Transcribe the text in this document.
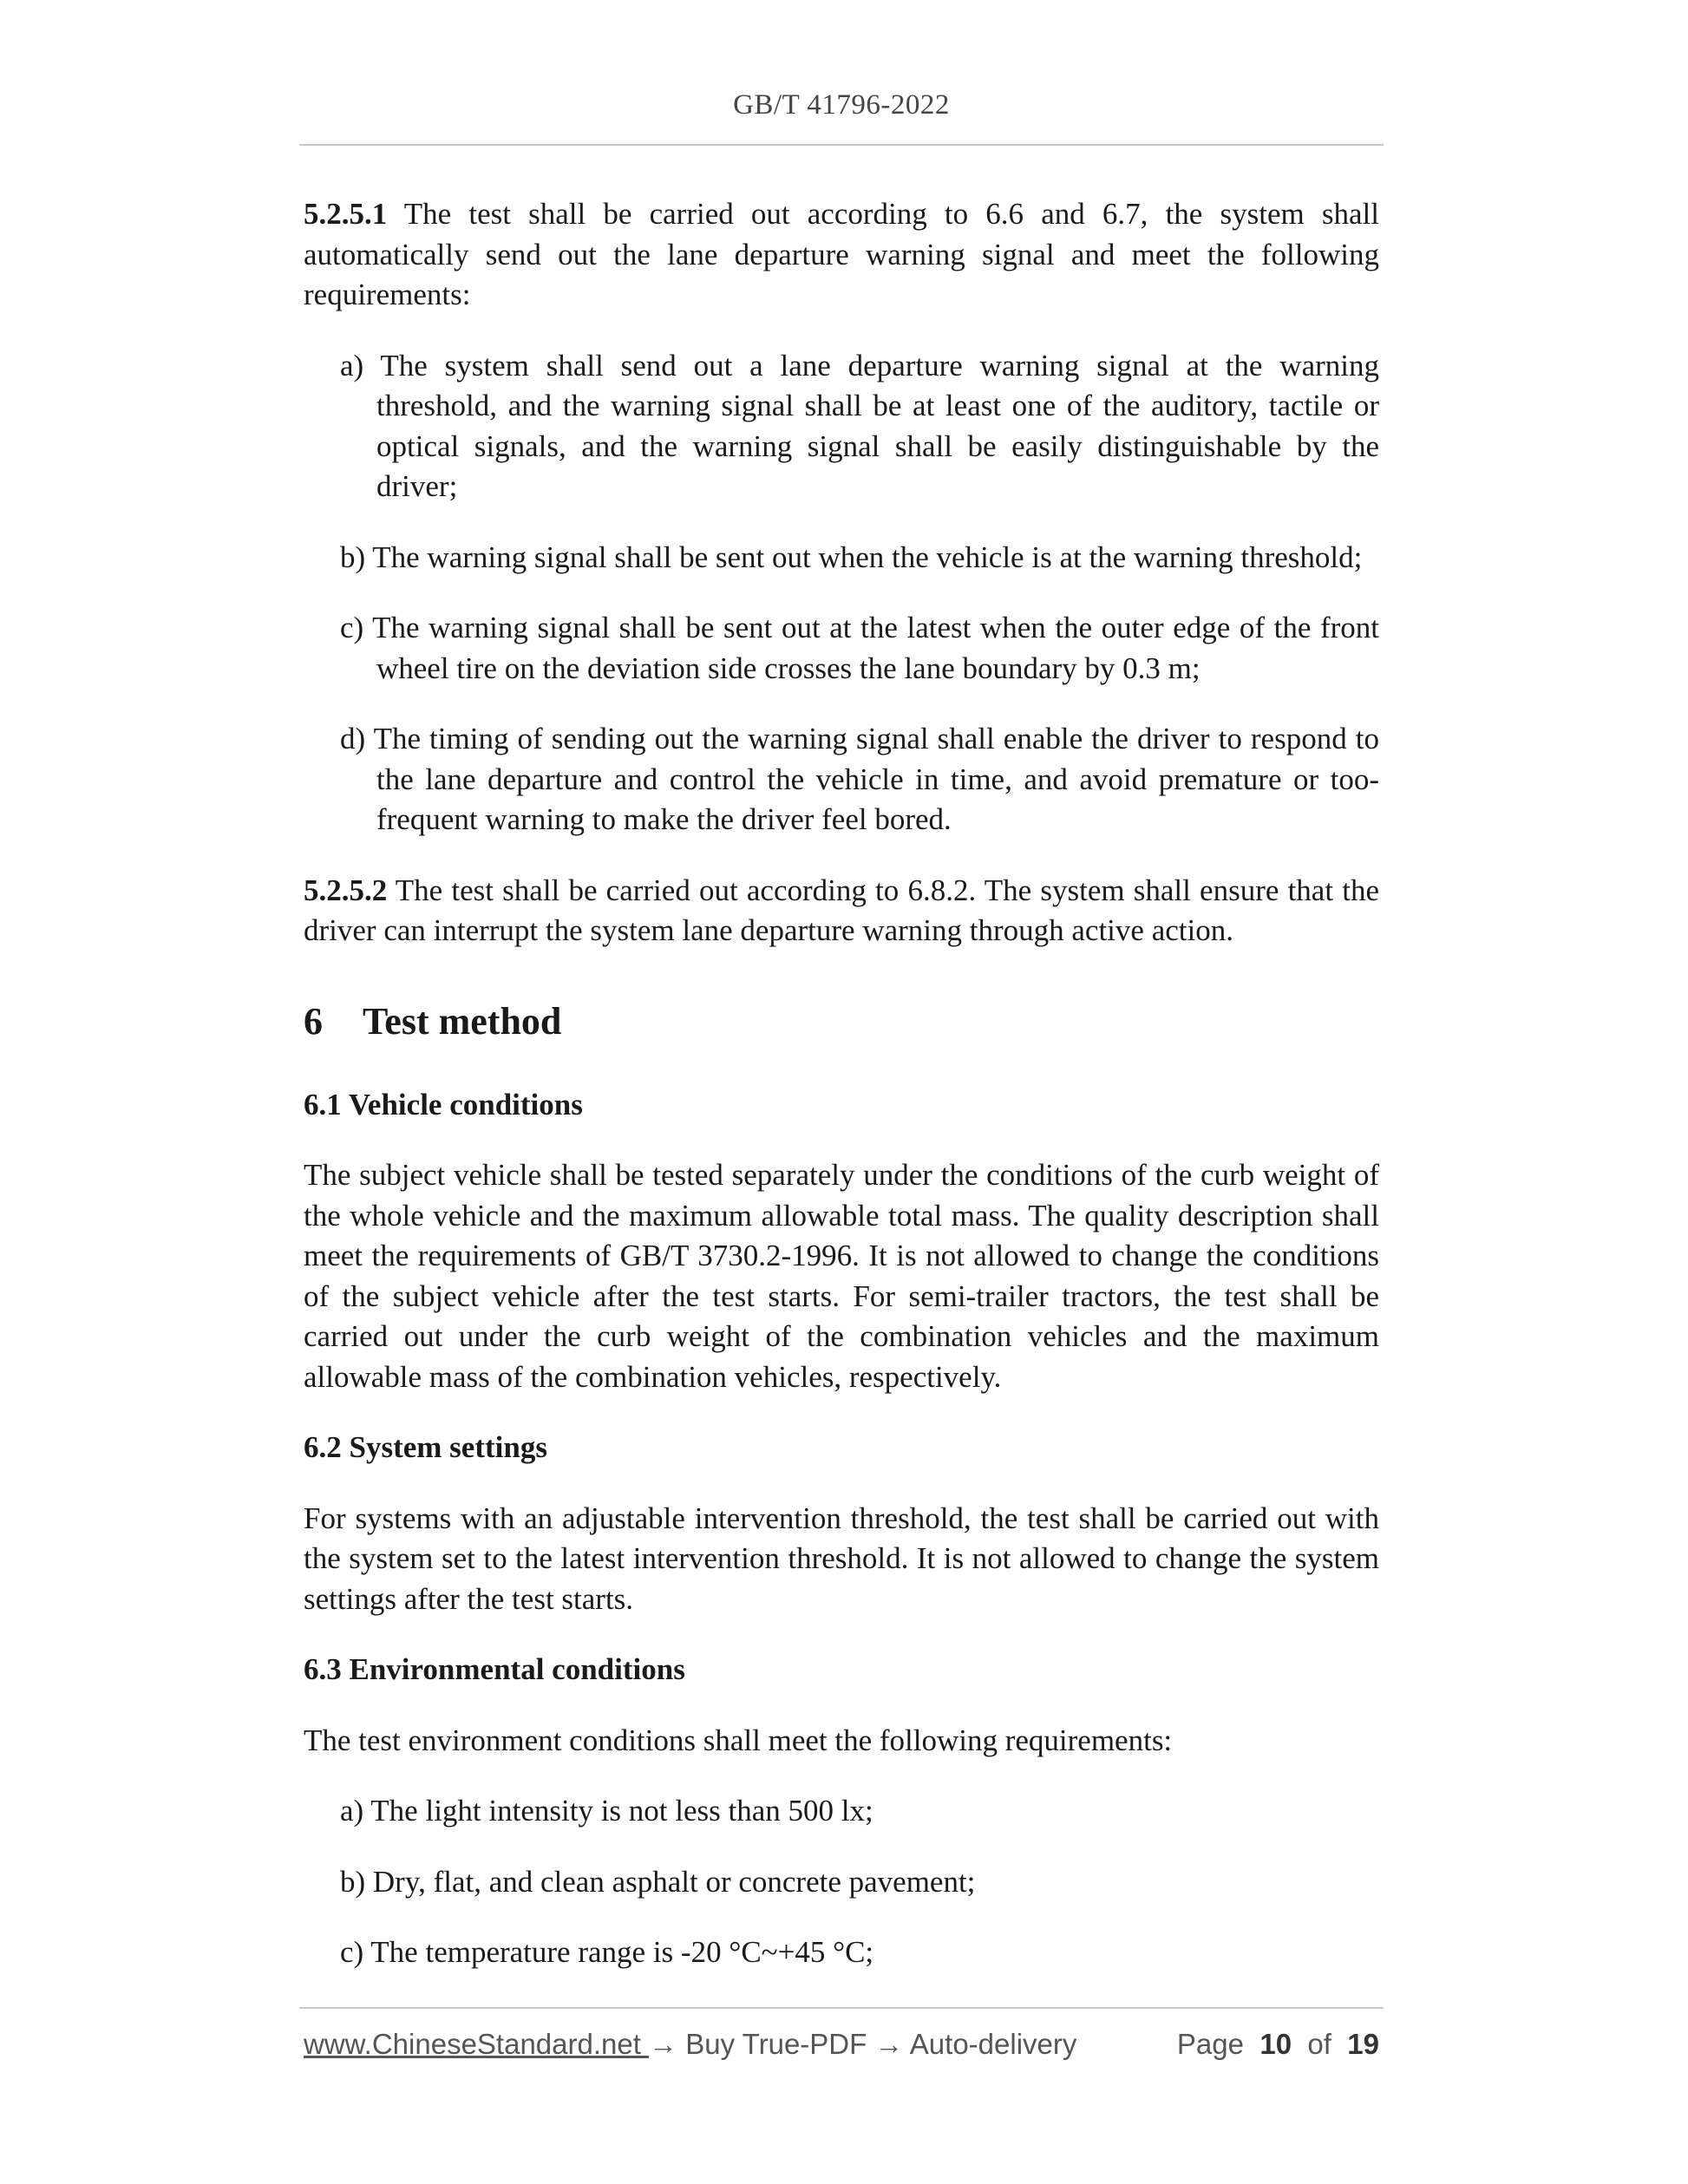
GB/T 41796-2022

5.2.5.1 The test shall be carried out according to 6.6 and 6.7, the system shall automatically send out the lane departure warning signal and meet the following requirements:

a) The system shall send out a lane departure warning signal at the warning threshold, and the warning signal shall be at least one of the auditory, tactile or optical signals, and the warning signal shall be easily distinguishable by the driver;

b) The warning signal shall be sent out when the vehicle is at the warning threshold;

c) The warning signal shall be sent out at the latest when the outer edge of the front wheel tire on the deviation side crosses the lane boundary by 0.3 m;

d) The timing of sending out the warning signal shall enable the driver to respond to the lane departure and control the vehicle in time, and avoid premature or too-frequent warning to make the driver feel bored.

5.2.5.2 The test shall be carried out according to 6.8.2. The system shall ensure that the driver can interrupt the system lane departure warning through active action.

6 Test method

6.1 Vehicle conditions

The subject vehicle shall be tested separately under the conditions of the curb weight of the whole vehicle and the maximum allowable total mass. The quality description shall meet the requirements of GB/T 3730.2-1996. It is not allowed to change the conditions of the subject vehicle after the test starts. For semi-trailer tractors, the test shall be carried out under the curb weight of the combination vehicles and the maximum allowable mass of the combination vehicles, respectively.

6.2 System settings

For systems with an adjustable intervention threshold, the test shall be carried out with the system set to the latest intervention threshold. It is not allowed to change the system settings after the test starts.

6.3 Environmental conditions

The test environment conditions shall meet the following requirements:

a) The light intensity is not less than 500 lx;

b) Dry, flat, and clean asphalt or concrete pavement;

c) The temperature range is -20 °C~+45 °C;

www.ChineseStandard.net → Buy True-PDF → Auto-delivery	Page 10 of 19
